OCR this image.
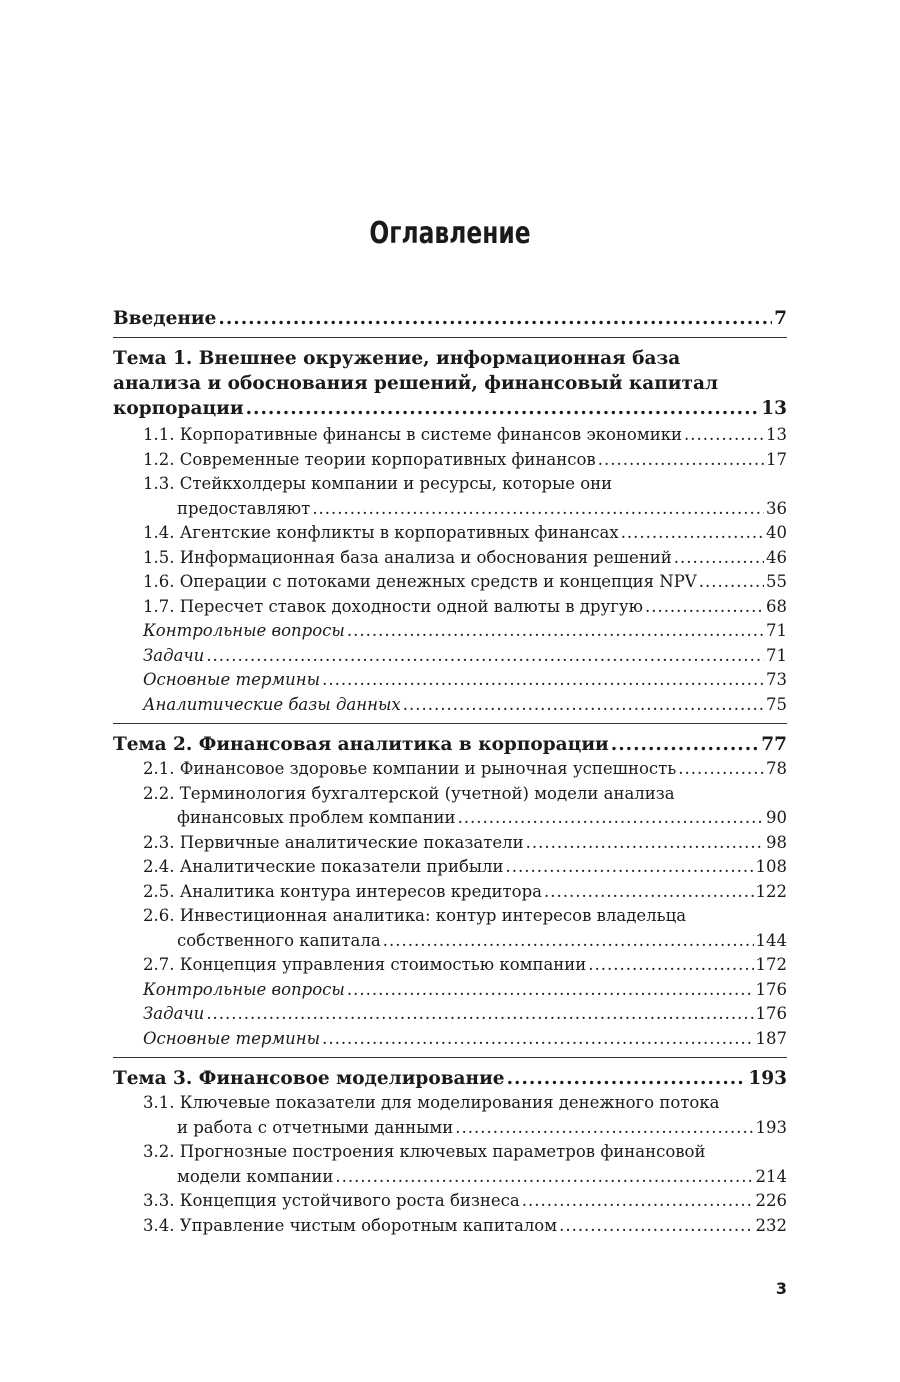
Оглавление
Введение .....	7
Тема 1. Внешнее окружение, информационная база
анализа и обоснования решений, финансовый капитал
корпорации .....	13
1.1. Корпоративные финансы в системе финансов экономики .....	13
1.2. Современные теории корпоративных финансов .....	17
1.3. Стейкхолдеры компании и ресурсы, которые они
предоставляют .....	36
1.4. Агентские конфликты в корпоративных финансах .....	40
1.5. Информационная база анализа и обоснования решений .....	46
1.6. Операции с потоками денежных средств и концепция NPV .....	55
1.7. Пересчет ставок доходности одной валюты в другую .....	68
Контрольные вопросы .....	71
Задачи .....	71
Основные термины .....	73
Аналитические базы данных .....	75
Тема 2. Финансовая аналитика в корпорации .....	77
2.1. Финансовое здоровье компании и рыночная успешность .....	78
2.2. Терминология бухгалтерской (учетной) модели анализа
финансовых проблем компании .....	90
2.3. Первичные аналитические показатели .....	98
2.4. Аналитические показатели прибыли .....	108
2.5. Аналитика контура интересов кредитора .....	122
2.6. Инвестиционная аналитика: контур интересов владельца
собственного капитала .....	144
2.7. Концепция управления стоимостью компании .....	172
Контрольные вопросы .....	176
Задачи .....	176
Основные термины .....	187
Тема 3. Финансовое моделирование .....	193
3.1. Ключевые показатели для моделирования денежного потока
и работа с отчетными данными .....	193
3.2. Прогнозные построения ключевых параметров финансовой
модели компании .....	214
3.3. Концепция устойчивого роста бизнеса .....	226
3.4. Управление чистым оборотным капиталом .....	232
3
